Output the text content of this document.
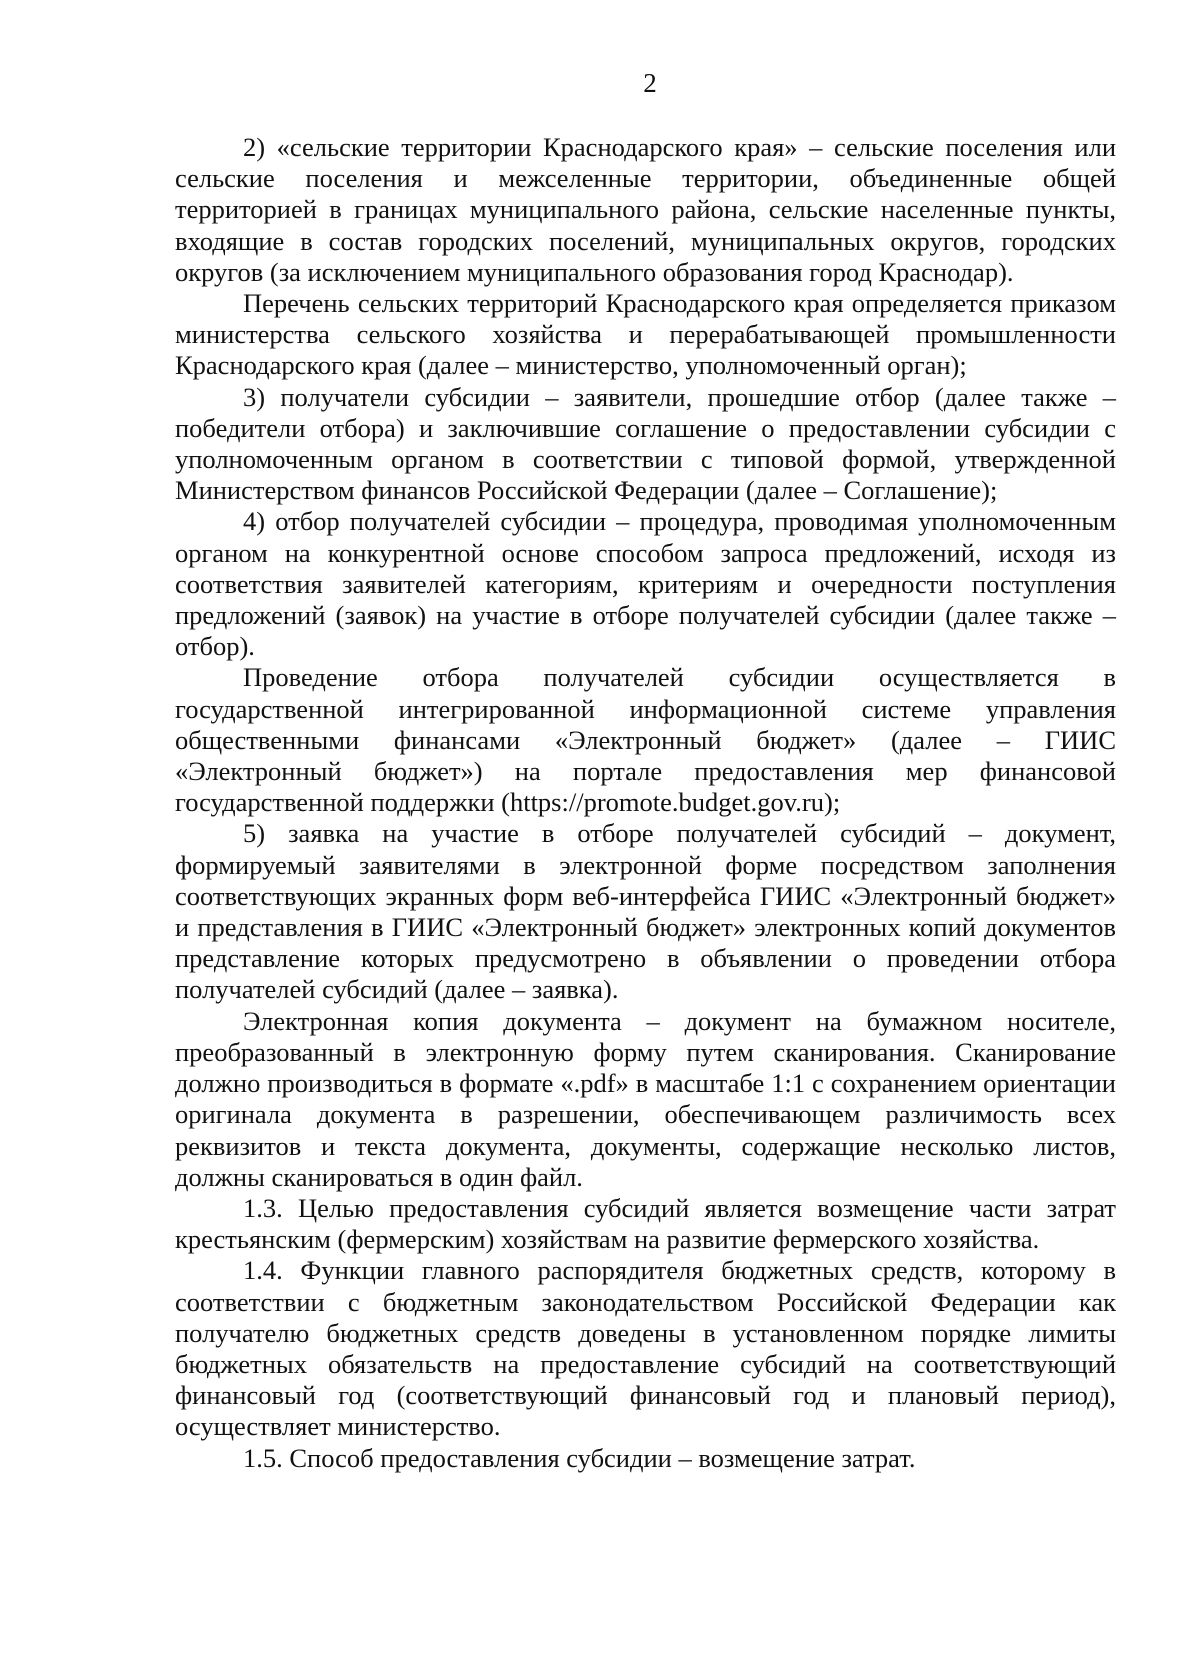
2

2) «сельские территории Краснодарского края» – сельские поселения или сельские поселения и межселенные территории, объединенные общей территорией в границах муниципального района, сельские населенные пункты, входящие в состав городских поселений, муниципальных округов, городских округов (за исключением муниципального образования город Краснодар).

Перечень сельских территорий Краснодарского края определяется приказом министерства сельского хозяйства и перерабатывающей промышленности Краснодарского края (далее – министерство, уполномоченный орган);

3) получатели субсидии – заявители, прошедшие отбор (далее также – победители отбора) и заключившие соглашение о предоставлении субсидии с уполномоченным органом в соответствии с типовой формой, утвержденной Министерством финансов Российской Федерации (далее – Соглашение);

4) отбор получателей субсидии – процедура, проводимая уполномоченным органом на конкурентной основе способом запроса предложений, исходя из соответствия заявителей категориям, критериям и очередности поступления предложений (заявок) на участие в отборе получателей субсидии (далее также – отбор).

Проведение отбора получателей субсидии осуществляется в государственной интегрированной информационной системе управления общественными финансами «Электронный бюджет» (далее – ГИИС «Электронный бюджет») на портале предоставления мер финансовой государственной поддержки (https://promote.budget.gov.ru);

5) заявка на участие в отборе получателей субсидий – документ, формируемый заявителями в электронной форме посредством заполнения соответствующих экранных форм веб-интерфейса ГИИС «Электронный бюджет» и представления в ГИИС «Электронный бюджет» электронных копий документов представление которых предусмотрено в объявлении о проведении отбора получателей субсидий (далее – заявка).

Электронная копия документа – документ на бумажном носителе, преобразованный в электронную форму путем сканирования. Сканирование должно производиться в формате «.pdf» в масштабе 1:1 с сохранением ориентации оригинала документа в разрешении, обеспечивающем различимость всех реквизитов и текста документа, документы, содержащие несколько листов, должны сканироваться в один файл.

1.3. Целью предоставления субсидий является возмещение части затрат крестьянским (фермерским) хозяйствам на развитие фермерского хозяйства.

1.4. Функции главного распорядителя бюджетных средств, которому в соответствии с бюджетным законодательством Российской Федерации как получателю бюджетных средств доведены в установленном порядке лимиты бюджетных обязательств на предоставление субсидий на соответствующий финансовый год (соответствующий финансовый год и плановый период), осуществляет министерство.

1.5. Способ предоставления субсидии – возмещение затрат.
